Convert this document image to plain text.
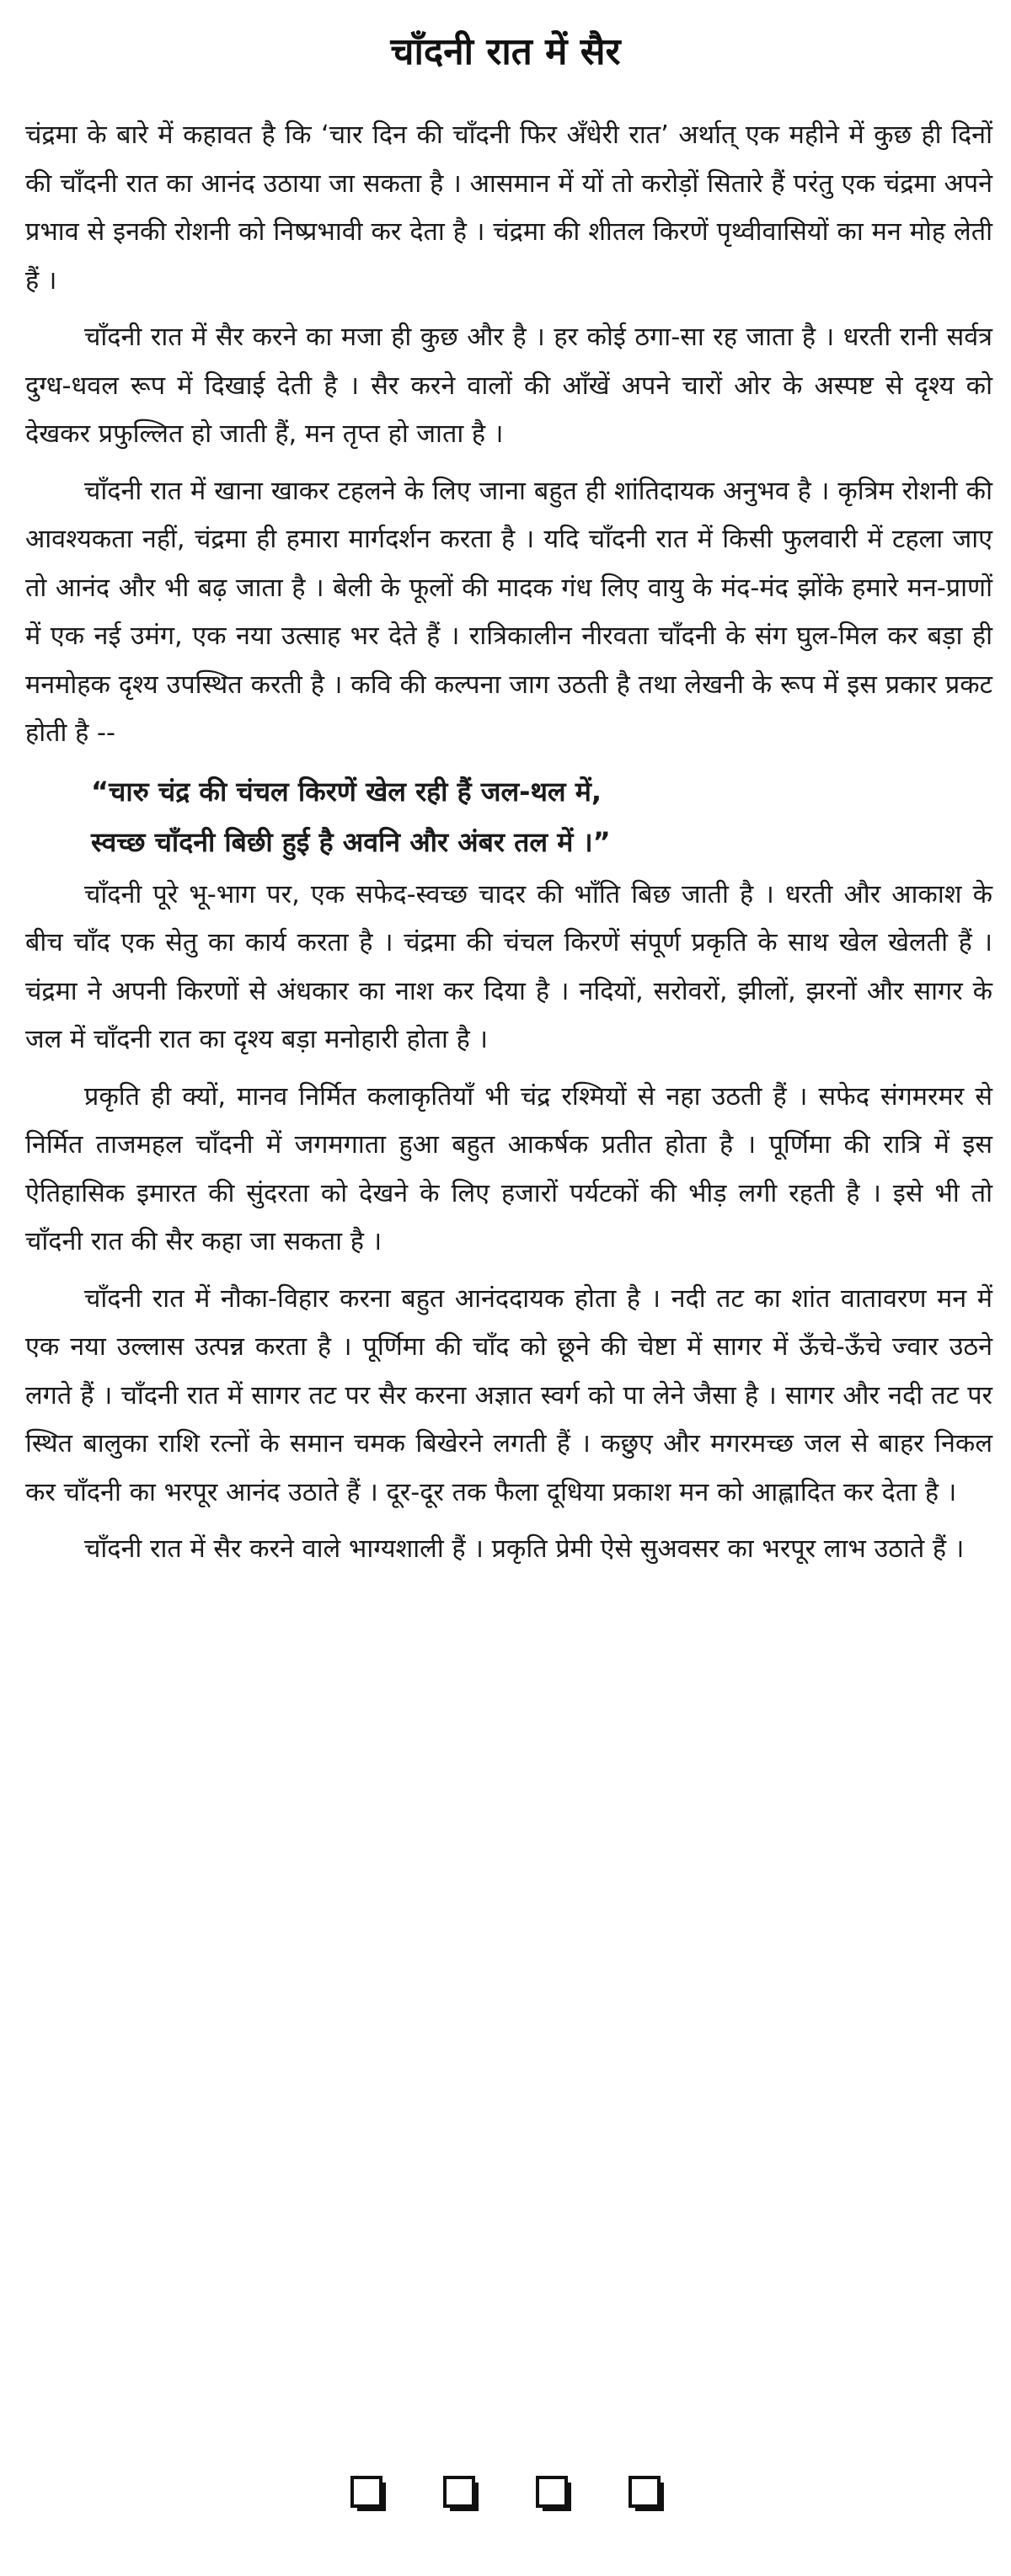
चाँदनी रात में सैर

चंद्रमा के बारे में कहावत है कि ‘चार दिन की चाँदनी फिर अँधेरी रात’ अर्थात् एक महीने में कुछ ही दिनों की चाँदनी रात का आनंद उठाया जा सकता है । आसमान में यों तो करोड़ों सितारे हैं परंतु एक चंद्रमा अपने प्रभाव से इनकी रोशनी को निष्प्रभावी कर देता है । चंद्रमा की शीतल किरणें पृथ्वीवासियों का मन मोह लेती हैं ।

चाँदनी रात में सैर करने का मजा ही कुछ और है । हर कोई ठगा-सा रह जाता है । धरती रानी सर्वत्र दुग्ध-धवल रूप में दिखाई देती है । सैर करने वालों की आँखें अपने चारों ओर के अस्पष्ट से दृश्य को देखकर प्रफुल्लित हो जाती हैं, मन तृप्त हो जाता है ।

चाँदनी रात में खाना खाकर टहलने के लिए जाना बहुत ही शांतिदायक अनुभव है । कृत्रिम रोशनी की आवश्यकता नहीं, चंद्रमा ही हमारा मार्गदर्शन करता है । यदि चाँदनी रात में किसी फुलवारी में टहला जाए तो आनंद और भी बढ़ जाता है । बेली के फूलों की मादक गंध लिए वायु के मंद-मंद झोंके हमारे मन-प्राणों में एक नई उमंग, एक नया उत्साह भर देते हैं । रात्रिकालीन नीरवता चाँदनी के संग घुल-मिल कर बड़ा ही मनमोहक दृश्य उपस्थित करती है । कवि की कल्पना जाग उठती है तथा लेखनी के रूप में इस प्रकार प्रकट होती है --

“चारु चंद्र की चंचल किरणें खेल रही हैं जल-थल में,
स्वच्छ चाँदनी बिछी हुई है अवनि और अंबर तल में ।”

चाँदनी पूरे भू-भाग पर, एक सफेद-स्वच्छ चादर की भाँति बिछ जाती है । धरती और आकाश के बीच चाँद एक सेतु का कार्य करता है । चंद्रमा की चंचल किरणें संपूर्ण प्रकृति के साथ खेल खेलती हैं । चंद्रमा ने अपनी किरणों से अंधकार का नाश कर दिया है । नदियों, सरोवरों, झीलों, झरनों और सागर के जल में चाँदनी रात का दृश्य बड़ा मनोहारी होता है ।

प्रकृति ही क्यों, मानव निर्मित कलाकृतियाँ भी चंद्र रश्मियों से नहा उठती हैं । सफेद संगमरमर से निर्मित ताजमहल चाँदनी में जगमगाता हुआ बहुत आकर्षक प्रतीत होता है । पूर्णिमा की रात्रि में इस ऐतिहासिक इमारत की सुंदरता को देखने के लिए हजारों पर्यटकों की भीड़ लगी रहती है । इसे भी तो चाँदनी रात की सैर कहा जा सकता है ।

चाँदनी रात में नौका-विहार करना बहुत आनंददायक होता है । नदी तट का शांत वातावरण मन में एक नया उल्लास उत्पन्न करता है । पूर्णिमा की चाँद को छूने की चेष्टा में सागर में ऊँचे-ऊँचे ज्वार उठने लगते हैं । चाँदनी रात में सागर तट पर सैर करना अज्ञात स्वर्ग को पा लेने जैसा है । सागर और नदी तट पर स्थित बालुका राशि रत्नों के समान चमक बिखेरने लगती हैं । कछुए और मगरमच्छ जल से बाहर निकल कर चाँदनी का भरपूर आनंद उठाते हैं । दूर-दूर तक फैला दूधिया प्रकाश मन को आह्लादित कर देता है ।

चाँदनी रात में सैर करने वाले भाग्यशाली हैं । प्रकृति प्रेमी ऐसे सुअवसर का भरपूर लाभ उठाते हैं ।
